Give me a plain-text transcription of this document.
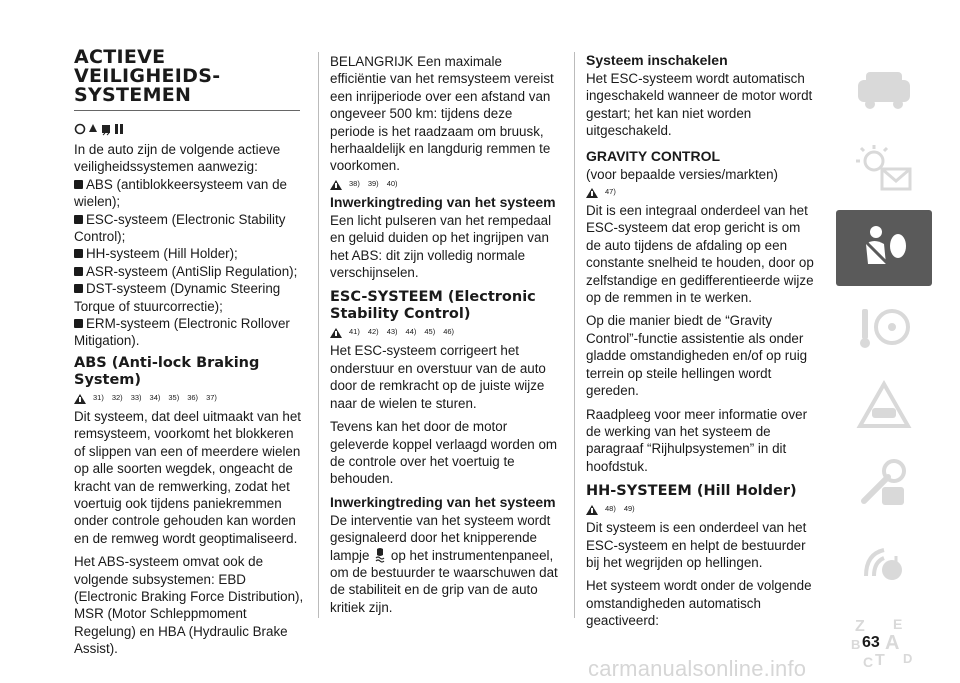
ACTIEVE VEILIGHEIDS-SYSTEMEN
In de auto zijn de volgende actieve veiligheidssystemen aanwezig:
ABS (antiblokkeersysteem van de wielen);
ESC-systeem (Electronic Stability Control);
HH-systeem (Hill Holder);
ASR-systeem (AntiSlip Regulation);
DST-systeem (Dynamic Steering Torque of stuurcorrectie);
ERM-systeem (Electronic Rollover Mitigation).
ABS (Anti-lock Braking System)
31) 32) 33) 34) 35) 36) 37)
Dit systeem, dat deel uitmaakt van het remsysteem, voorkomt het blokkeren of slippen van een of meerdere wielen op alle soorten wegdek, ongeacht de kracht van de remwerking, zodat het voertuig ook tijdens paniekremmen onder controle gehouden kan worden en de remweg wordt geoptimaliseerd.
Het ABS-systeem omvat ook de volgende subsystemen: EBD (Electronic Braking Force Distribution), MSR (Motor Schleppmoment Regelung) en HBA (Hydraulic Brake Assist).
BELANGRIJK Een maximale efficiëntie van het remsysteem vereist een inrijperiode over een afstand van ongeveer 500 km: tijdens deze periode is het raadzaam om bruusk, herhaaldelijk en langdurig remmen te voorkomen.
38) 39) 40)
Inwerkingtreding van het systeem
Een licht pulseren van het rempedaal en geluid duiden op het ingrijpen van het ABS: dit zijn volledig normale verschijnselen.
ESC-SYSTEEM (Electronic Stability Control)
41) 42) 43) 44) 45) 46)
Het ESC-systeem corrigeert het onderstuur en overstuur van de auto door de remkracht op de juiste wijze naar de wielen te sturen.
Tevens kan het door de motor geleverde koppel verlaagd worden om de controle over het voertuig te behouden.
Inwerkingtreding van het systeem
De interventie van het systeem wordt gesignaleerd door het knipperende lampje op het instrumentenpaneel, om de bestuurder te waarschuwen dat de stabiliteit en de grip van de auto kritiek zijn.
Systeem inschakelen
Het ESC-systeem wordt automatisch ingeschakeld wanneer de motor wordt gestart; het kan niet worden uitgeschakeld.
GRAVITY CONTROL
(voor bepaalde versies/markten)
47)
Dit is een integraal onderdeel van het ESC-systeem dat erop gericht is om de auto tijdens de afdaling op een constante snelheid te houden, door op zelfstandige en gedifferentieerde wijze op de remmen in te werken.
Op die manier biedt de “Gravity Control”-functie assistentie als onder gladde omstandigheden en/of op ruig terrein op steile hellingen wordt gereden.
Raadpleeg voor meer informatie over de werking van het systeem de paragraaf “Rijhulpsystemen” in dit hoofdstuk.
HH-SYSTEEM (Hill Holder)
48) 49)
Dit systeem is een onderdeel van het ESC-systeem en helpt de bestuurder bij het wegrijden op hellingen.
Het systeem wordt onder de volgende omstandigheden automatisch geactiveerd:	Z E
B A
C T D
63
carmanualsonline.info
